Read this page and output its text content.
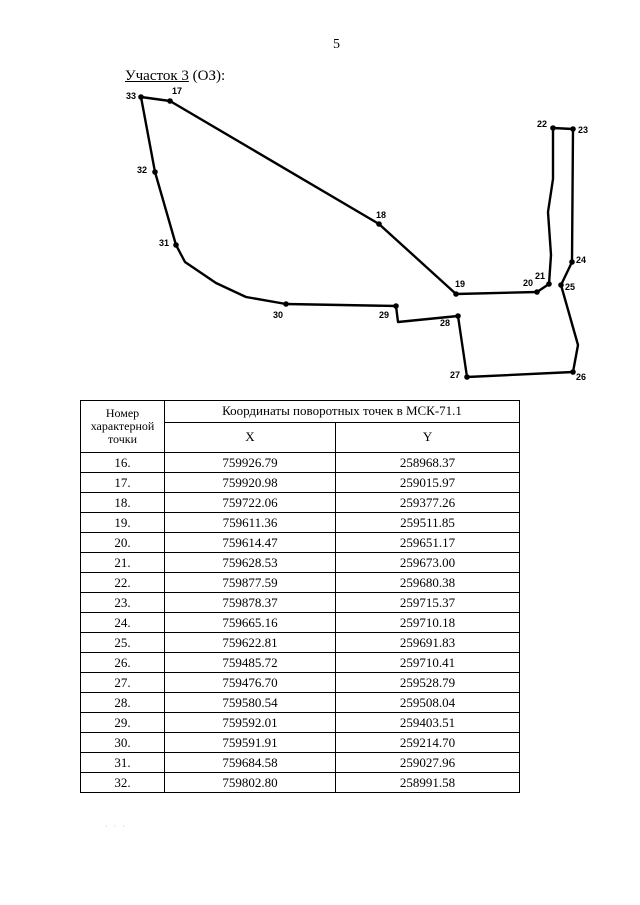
5
Участок 3 (ОЗ):
33	17
18
19	20
21
22
23
24
25
26
27
28
29
30
31
32
Номер характерной точки	Координаты поворотных точек в МСК-71.1	
	X	Y
16.	759926.79	258968.37
17.	759920.98	259015.97
18.	759722.06	259377.26
19.	759611.36	259511.85
20.	759614.47	259651.17
21.	759628.53	259673.00
22.	759877.59	259680.38
23.	759878.37	259715.37
24.	759665.16	259710.18
25.	759622.81	259691.83
26.	759485.72	259710.41
27.	759476.70	259528.79
28.	759580.54	259508.04
29.	759592.01	259403.51
30.	759591.91	259214.70
31.	759684.58	259027.96
32.	759802.80	258991.58
· · ·
